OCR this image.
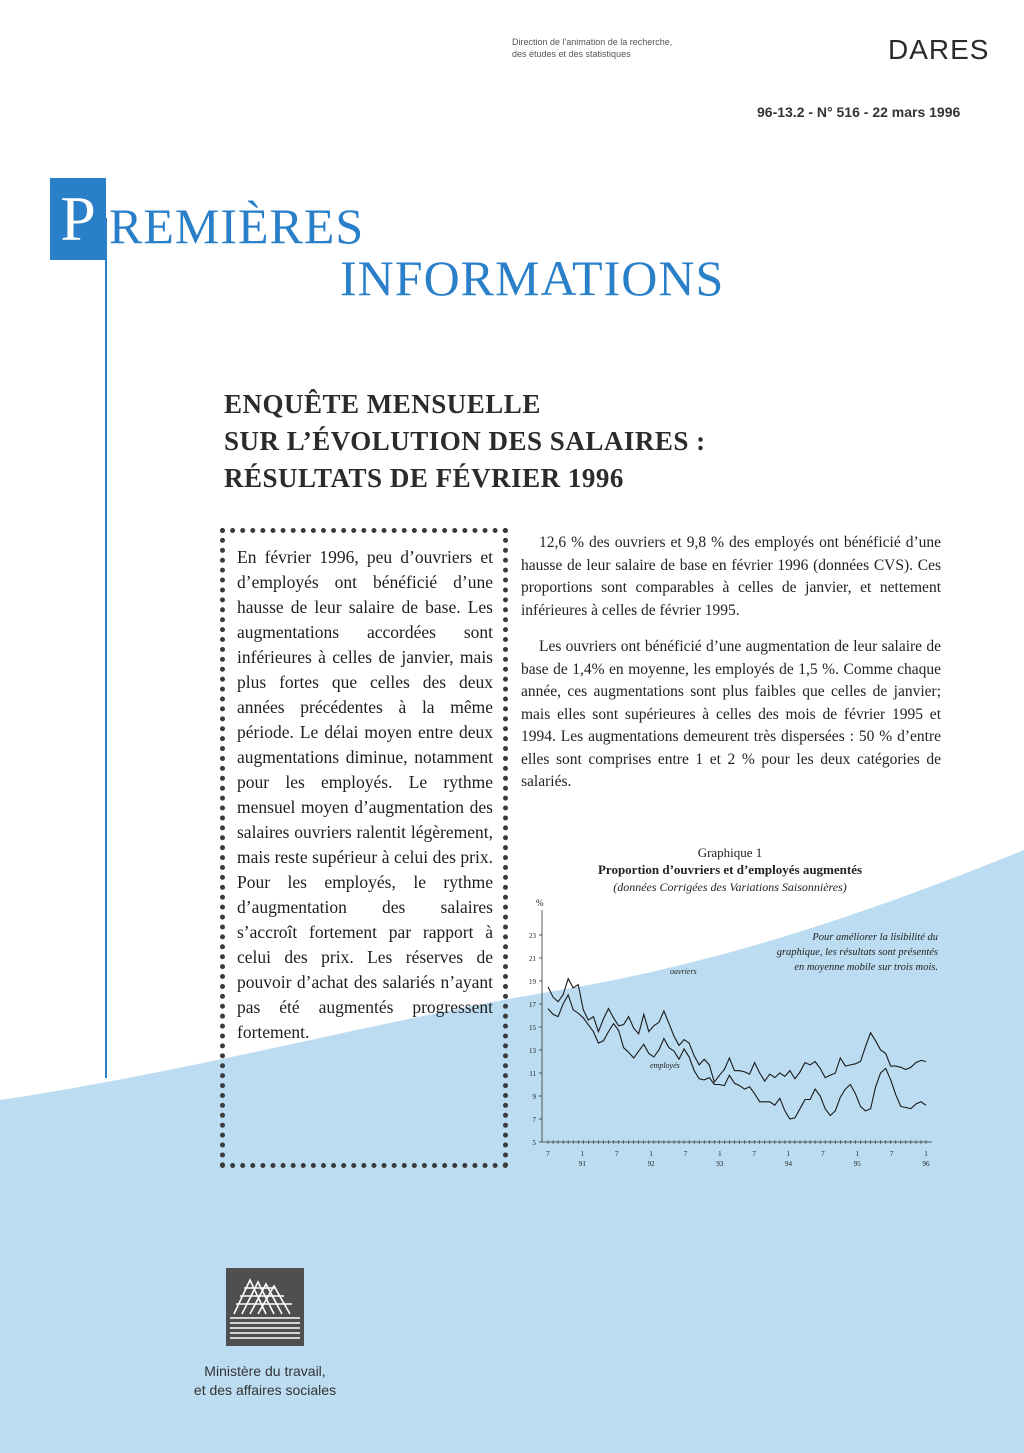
Direction de l'animation de la recherche,
des études et des statistiques	DARES
96-13.2 - N° 516 - 22 mars 1996
P REMIÈRES
INFORMATIONS
ENQUÊTE MENSUELLE
SUR L’ÉVOLUTION DES SALAIRES :
RÉSULTATS DE FÉVRIER 1996
En février 1996, peu d’ouvriers et d’employés ont bénéficié d’une hausse de leur salaire de base. Les augmentations accordées sont inférieures à celles de janvier, mais plus fortes que celles des deux années précédentes à la même période. Le délai moyen entre deux augmentations diminue, notamment pour les employés. Le rythme mensuel moyen d’augmentation des salaires ouvriers ralentit légèrement, mais reste supérieur à celui des prix. Pour les employés, le rythme d’augmentation des salaires s’accroît fortement par rapport à celui des prix. Les réserves de pouvoir d’achat des salariés n’ayant pas été augmentés progressent fortement.

12,6 % des ouvriers et 9,8 % des employés ont bénéficié d’une hausse de leur salaire de base en février 1996 (données CVS). Ces proportions sont comparables à celles de janvier, et nettement inférieures à celles de février 1995.

Les ouvriers ont bénéficié d’une augmentation de leur salaire de base de 1,4% en moyenne, les employés de 1,5 %. Comme chaque année, ces augmentations sont plus faibles que celles de janvier; mais elles sont supérieures à celles des mois de février 1995 et 1994. Les augmentations demeurent très dispersées : 50 % d’entre elles sont comprises entre 1 et 2 % pour les deux catégories de salariés.

Graphique 1
Proportion d’ouvriers et d’employés augmentés
(données Corrigées des Variations Saisonnières)
%
5
7
9
11
13
15
17
19
21
23
7	1
91
7	1
92
7	1
93
7	1
94
7	1
95
7	1
96
ouvriers
employés
Pour améliorer la lisibilité du graphique, les résultats sont présentés en moyenne mobile sur trois mois.
Ministère du travail,
et des affaires sociales
